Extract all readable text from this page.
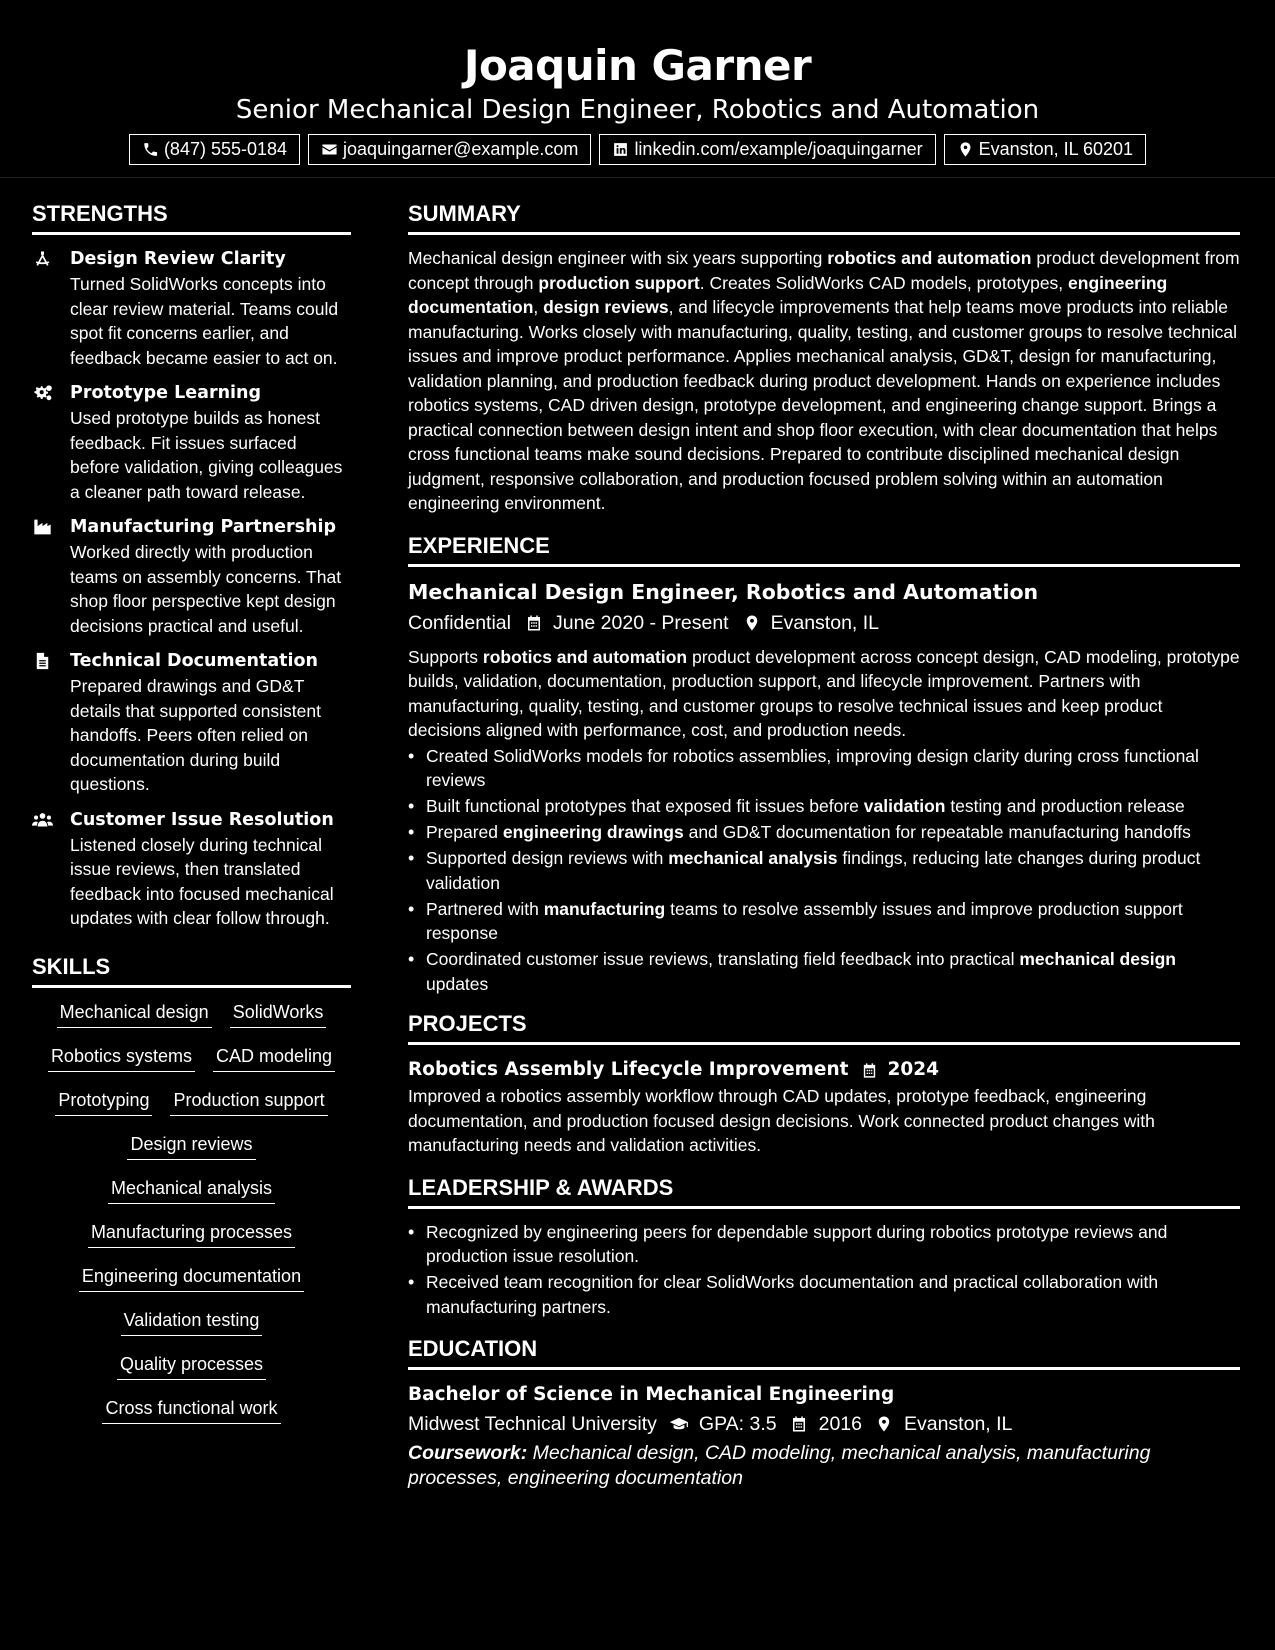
Joaquin Garner
Senior Mechanical Design Engineer, Robotics and Automation
(847) 555-0184	joaquingarner@example.com	linkedin.com/example/joaquingarner	Evanston, IL 60201
STRENGTHS
Design Review Clarity
Turned SolidWorks concepts into clear review material. Teams could spot fit concerns earlier, and feedback became easier to act on.
Prototype Learning
Used prototype builds as honest feedback. Fit issues surfaced before validation, giving colleagues a cleaner path toward release.
Manufacturing Partnership
Worked directly with production teams on assembly concerns. That shop floor perspective kept design decisions practical and useful.
Technical Documentation
Prepared drawings and GD&T details that supported consistent handoffs. Peers often relied on documentation during build questions.
Customer Issue Resolution
Listened closely during technical issue reviews, then translated feedback into focused mechanical updates with clear follow through.
SKILLS
Mechanical design SolidWorks
Robotics systems CAD modeling
Prototyping Production support
Design reviews
Mechanical analysis
Manufacturing processes
Engineering documentation
Validation testing
Quality processes
Cross functional work
SUMMARY

Mechanical design engineer with six years supporting robotics and automation product development from concept through production support. Creates SolidWorks CAD models, prototypes, engineering documentation, design reviews, and lifecycle improvements that help teams move products into reliable manufacturing. Works closely with manufacturing, quality, testing, and customer groups to resolve technical issues and improve product performance. Applies mechanical analysis, GD&T, design for manufacturing, validation planning, and production feedback during product development. Hands on experience includes robotics systems, CAD driven design, prototype development, and engineering change support. Brings a practical connection between design intent and shop floor execution, with clear documentation that helps cross functional teams make sound decisions. Prepared to contribute disciplined mechanical design judgment, responsive collaboration, and production focused problem solving within an automation engineering environment.

EXPERIENCE
Mechanical Design Engineer, Robotics and Automation
Confidential June 2020 - Present Evanston, IL

Supports robotics and automation product development across concept design, CAD modeling, prototype builds, validation, documentation, production support, and lifecycle improvement. Partners with manufacturing, quality, testing, and customer groups to resolve technical issues and keep product decisions aligned with performance, cost, and production needs.

• Created SolidWorks models for robotics assemblies, improving design clarity during cross functional reviews
• Built functional prototypes that exposed fit issues before validation testing and production release
• Prepared engineering drawings and GD&T documentation for repeatable manufacturing handoffs
• Supported design reviews with mechanical analysis findings, reducing late changes during product validation
• Partnered with manufacturing teams to resolve assembly issues and improve production support response
• Coordinated customer issue reviews, translating field feedback into practical mechanical design updates
PROJECTS
Robotics Assembly Lifecycle Improvement 2024

Improved a robotics assembly workflow through CAD updates, prototype feedback, engineering documentation, and production focused design decisions. Work connected product changes with manufacturing needs and validation activities.

LEADERSHIP & AWARDS
• Recognized by engineering peers for dependable support during robotics prototype reviews and production issue resolution.
• Received team recognition for clear SolidWorks documentation and practical collaboration with manufacturing partners.
EDUCATION
Bachelor of Science in Mechanical Engineering
Midwest Technical University GPA: 3.5 2016 Evanston, IL

Coursework: Mechanical design, CAD modeling, mechanical analysis, manufacturing processes, engineering documentation
